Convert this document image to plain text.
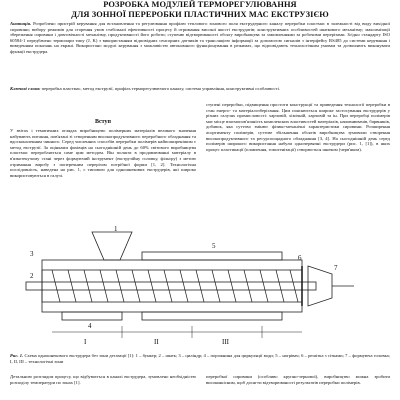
РОЗРОБКА МОДУЛЕЙ ТЕРМОРЕГУЛЮВАННЯ
ДЛЯ ЗОННОЇ ПЕРЕРОБКИ ПЛАСТИЧНИХ МАС ЕКСТРУЗІЄЮ
Анотація. Розроблено пристрій керування для встановлення та регулювання профілю теплового зонового поля екструдерного каналу переробки пластмас в залежності від виду вихідної сировини; вибору режимів для сторення умов стабільної ефективності процесу й отримання високої якості екструдатів; конструктивних особливостей шнекового механізму; максимізації збереження сировини і довговічності механізму, продуктивності його роботи; ступеню відтворюваності обсягу виробництва за замовленнями за робочими перерізами. Згідно стандарту ISO 60584-1 передбачено термопари типу (J, K) з використанням відповідних сенсорних датчиків та трансляцією інформації за допомогою сигналів з інтерфейсу RS485 до системи керування і виведенням показань на екрані. Використано модулі керування з можливістю автономного функціонування в режимах, що відповідають технологічним умовам та дозволяють виконувати функції екструдера.
Ключові слова: переробка пластмас, метод екструзії, профіль терморегулюючого каналу, система управління, конструктивні особливості.
Вступ
У звітах і тематичних оглядах виробництво полімерних матеріалів великого значення набувають питання, пов'язані зі створенням високопродуктивного переробного обладнання та вдосконаленням чинного. Серед численних способів переробки полімерів найпоширенішим є метод екструзії. За оцінками фахівців на сьогоднішній день до 60% світового виробництва пластмас переробляється саме цим методом. Він полягає в продавлюванні матеріалу в в'язкотекучому стані через формуючий інструмент (екструзійну головку, фільєру) з метою отримання виробу з поперечним перерізом потрібної форми [1, 2]. Технологічна послідовність, наведена на рис. 1, є типовою для одношнекових екструдерів, які широко використовуються в галузі.
ступені переробки, підвищення простоти конструкції та приведення технології переробки в стан енерго- та матеріалозберігання. Цим пояснюється широке застосування екструдерів у різних галузях промисловості: харчовій, хімічній, харчовій та ін. При переробці полімерів має місце взаємопов'язаність комплексних властивостей матеріалів, наповнювачів, барвників, добавок, яка суттєво змінює фізико-механічні характеристики сировини. Розширення асортименту полімерів, суттєве збільшення обсягів виробництва зумовили створення високопродуктивного та ресурсоощадного обладнання [3, 4]. На сьогоднішній день серед полімерів широкого використання набули одночервячні екструдери (рис. 1, [1]), в яких процес пластикації (плавлення, гомогенізації) створюється шнеком (черв'яком).
1
2
3
4
5
6
7
I	II	III
Рис. 1. Схема одношнекового екструдера без зони дегазації [1]: 1 – бункер; 2 – шнек; 3 – циліндр; 4 – порожнина для циркуляції води; 5 – нагрівач; 6 – решітка з сітками; 7 – формуюча головка; I, II, III – технологічні зони
Детальною розглядом процесу, що відбувається в каналі екструдера, зумовлено необхідністю розподілу температури по зонах [1].
переробкої сировини (особливо крупно-зернової), виробництво можна зробити високоякісним, щоб досягти відтворюваності результатів переробки полімерів.
